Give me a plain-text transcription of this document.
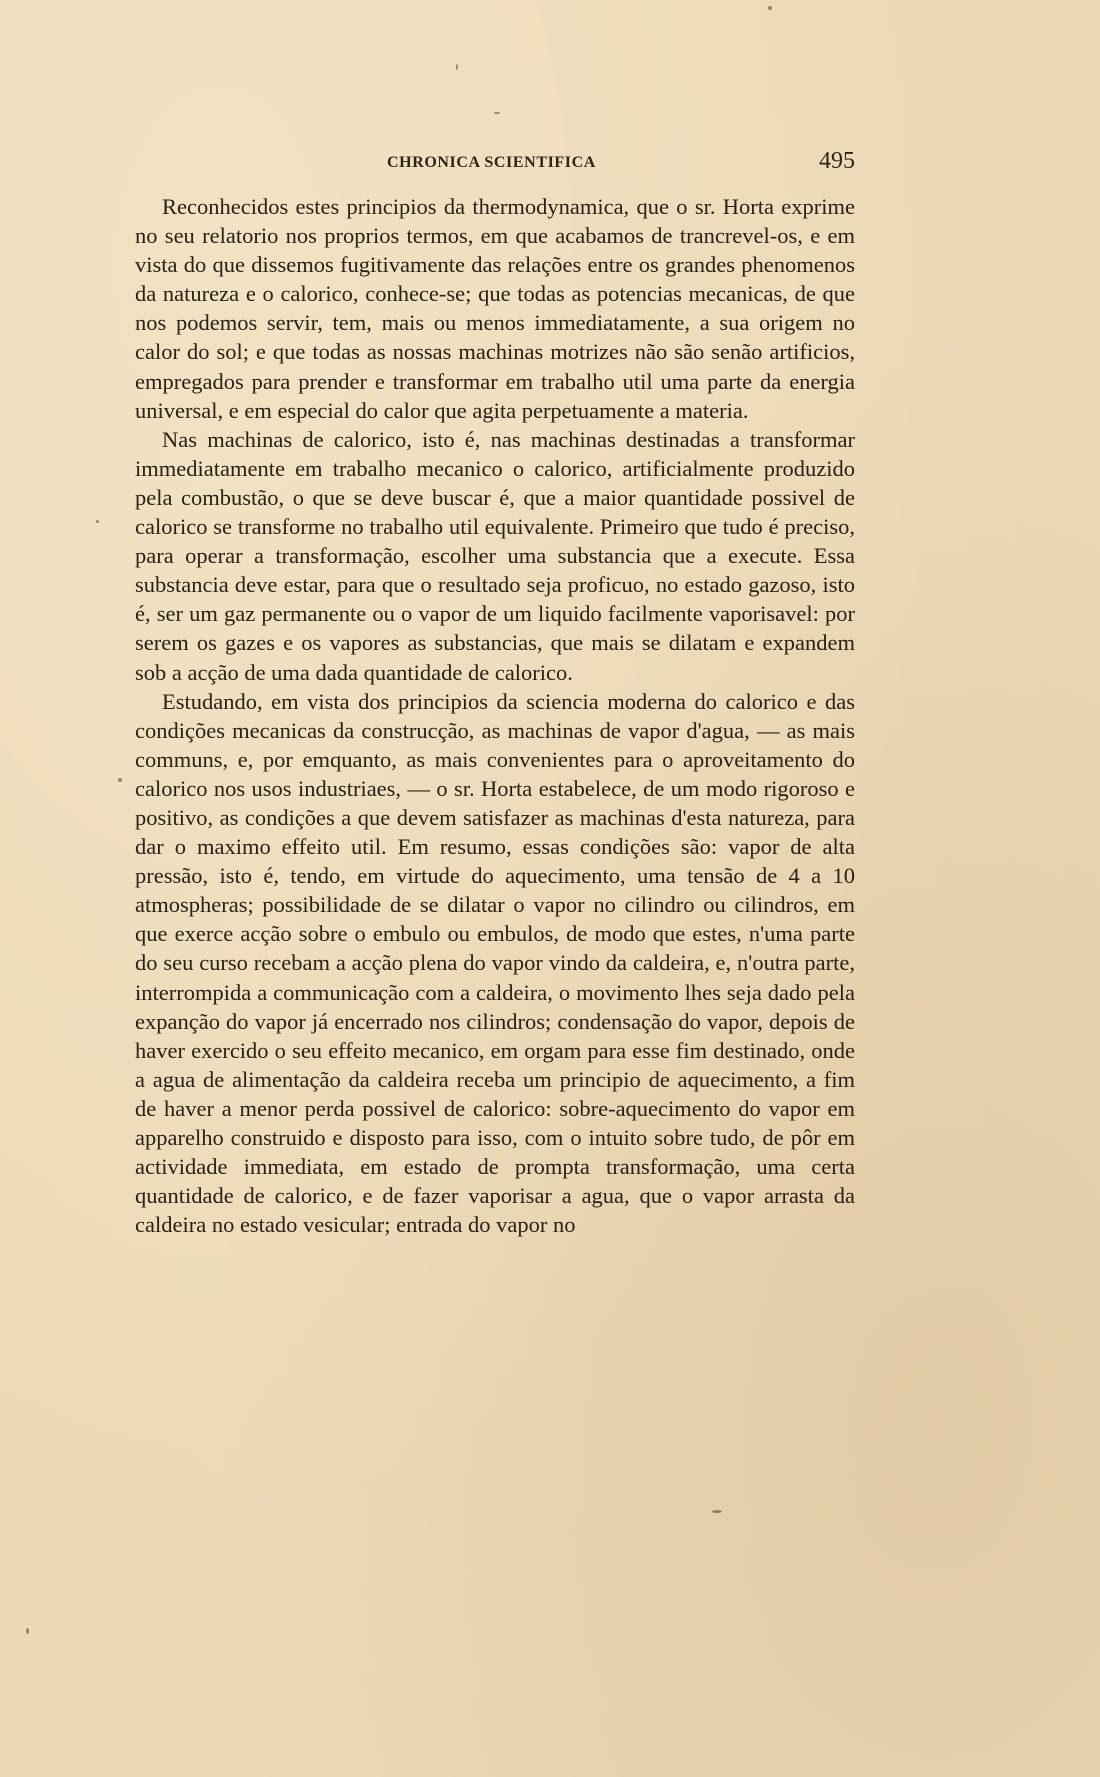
CHRONICA SCIENTIFICA	495

Reconhecidos estes principios da thermodynamica, que o sr. Horta exprime no seu relatorio nos proprios termos, em que acabamos de trancrevel-os, e em vista do que dissemos fugitivamente das relações entre os grandes phenomenos da natureza e o calorico, conhece-se; que todas as potencias mecanicas, de que nos podemos servir, tem, mais ou menos immediatamente, a sua origem no calor do sol; e que todas as nossas machinas motrizes não são senão artificios, empregados para prender e transformar em trabalho util uma parte da energia universal, e em especial do calor que agita perpetuamente a materia.

Nas machinas de calorico, isto é, nas machinas destinadas a transformar immediatamente em trabalho mecanico o calorico, artificialmente produzido pela combustão, o que se deve buscar é, que a maior quantidade possivel de calorico se transforme no trabalho util equivalente. Primeiro que tudo é preciso, para operar a transformação, escolher uma substancia que a execute. Essa substancia deve estar, para que o resultado seja proficuo, no estado gazoso, isto é, ser um gaz permanente ou o vapor de um liquido facilmente vaporisavel: por serem os gazes e os vapores as substancias, que mais se dilatam e expandem sob a acção de uma dada quantidade de calorico.

Estudando, em vista dos principios da sciencia moderna do calorico e das condições mecanicas da construcção, as machinas de vapor d'agua, — as mais communs, e, por emquanto, as mais convenientes para o aproveitamento do calorico nos usos industriaes, — o sr. Horta estabelece, de um modo rigoroso e positivo, as condições a que devem satisfazer as machinas d'esta natureza, para dar o maximo effeito util. Em resumo, essas condições são: vapor de alta pressão, isto é, tendo, em virtude do aquecimento, uma tensão de 4 a 10 atmospheras; possibilidade de se dilatar o vapor no cilindro ou cilindros, em que exerce acção sobre o embulo ou embulos, de modo que estes, n'uma parte do seu curso recebam a acção plena do vapor vindo da caldeira, e, n'outra parte, interrompida a communicação com a caldeira, o movimento lhes seja dado pela expanção do vapor já encerrado nos cilindros; condensação do vapor, depois de haver exercido o seu effeito mecanico, em orgam para esse fim destinado, onde a agua de alimentação da caldeira receba um principio de aquecimento, a fim de haver a menor perda possivel de calorico: sobre-aquecimento do vapor em apparelho construido e disposto para isso, com o intuito sobre tudo, de pôr em actividade immediata, em estado de prompta transformação, uma certa quantidade de calorico, e de fazer vaporisar a agua, que o vapor arrasta da caldeira no estado vesicular; entrada do vapor no
